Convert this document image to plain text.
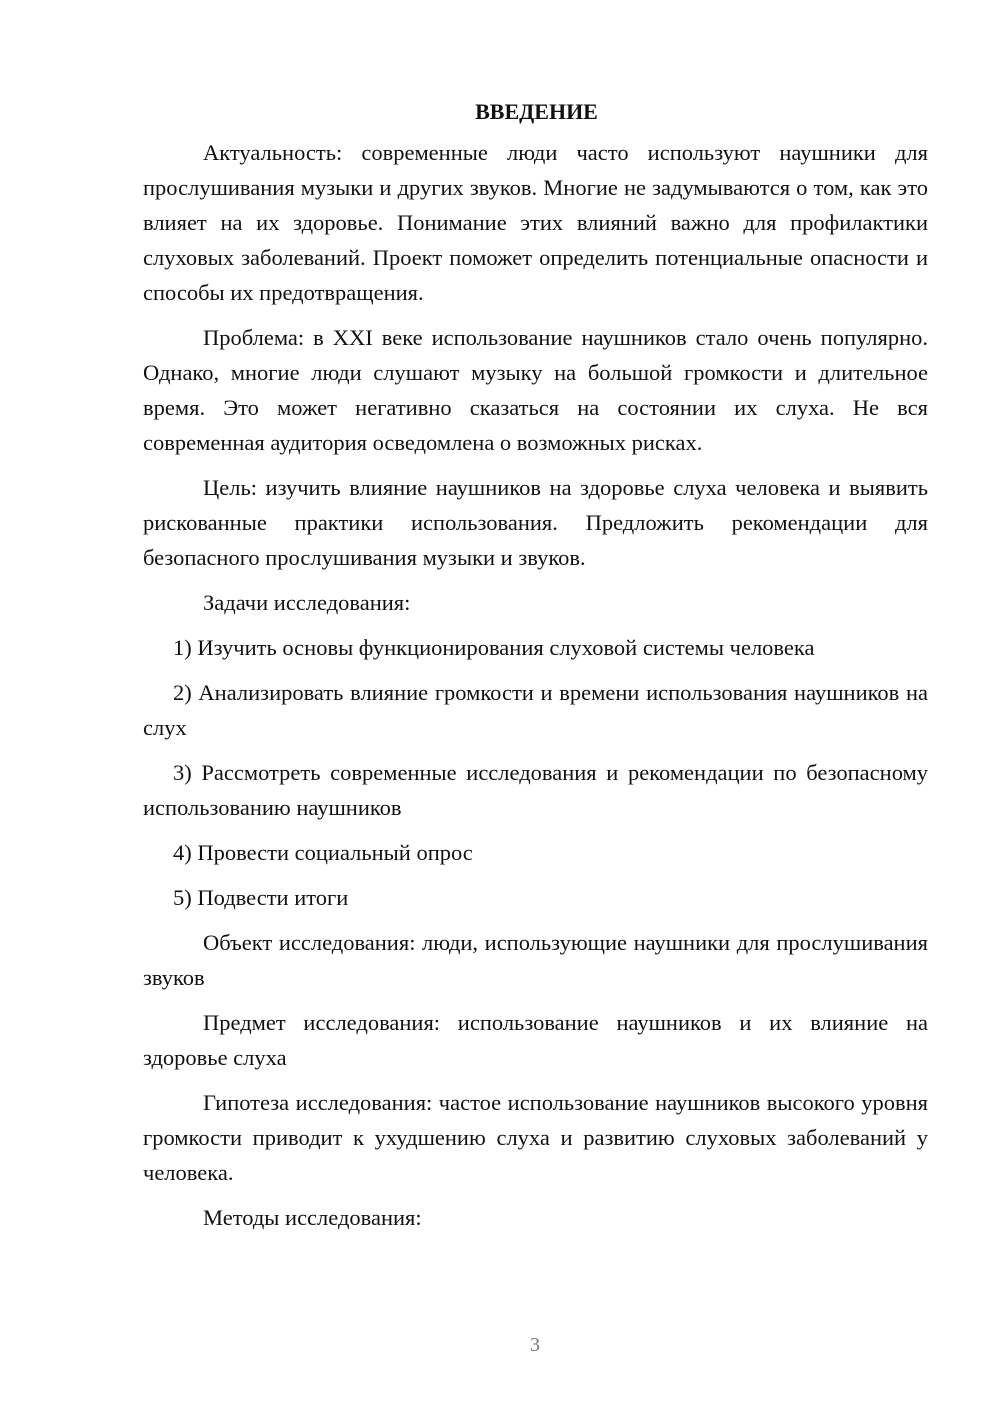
ВВЕДЕНИЕ

Актуальность: современные люди часто используют наушники для прослушивания музыки и других звуков. Многие не задумываются о том, как это влияет на их здоровье. Понимание этих влияний важно для профилактики слуховых заболеваний. Проект поможет определить потенциальные опасности и способы их предотвращения.

Проблема: в XXI веке использование наушников стало очень популярно. Однако, многие люди слушают музыку на большой громкости и длительное время. Это может негативно сказаться на состоянии их слуха. Не вся современная аудитория осведомлена о возможных рисках.

Цель: изучить влияние наушников на здоровье слуха человека и выявить рискованные практики использования. Предложить рекомендации для безопасного прослушивания музыки и звуков.

Задачи исследования:

1) Изучить основы функционирования слуховой системы человека

2) Анализировать влияние громкости и времени использования наушников на слух

3) Рассмотреть современные исследования и рекомендации по безопасному использованию наушников

4) Провести социальный опрос

5) Подвести итоги

Объект исследования: люди, использующие наушники для прослушивания звуков

Предмет исследования: использование наушников и их влияние на здоровье слуха

Гипотеза исследования: частое использование наушников высокого уровня громкости приводит к ухудшению слуха и развитию слуховых заболеваний у человека.

Методы исследования:

3
